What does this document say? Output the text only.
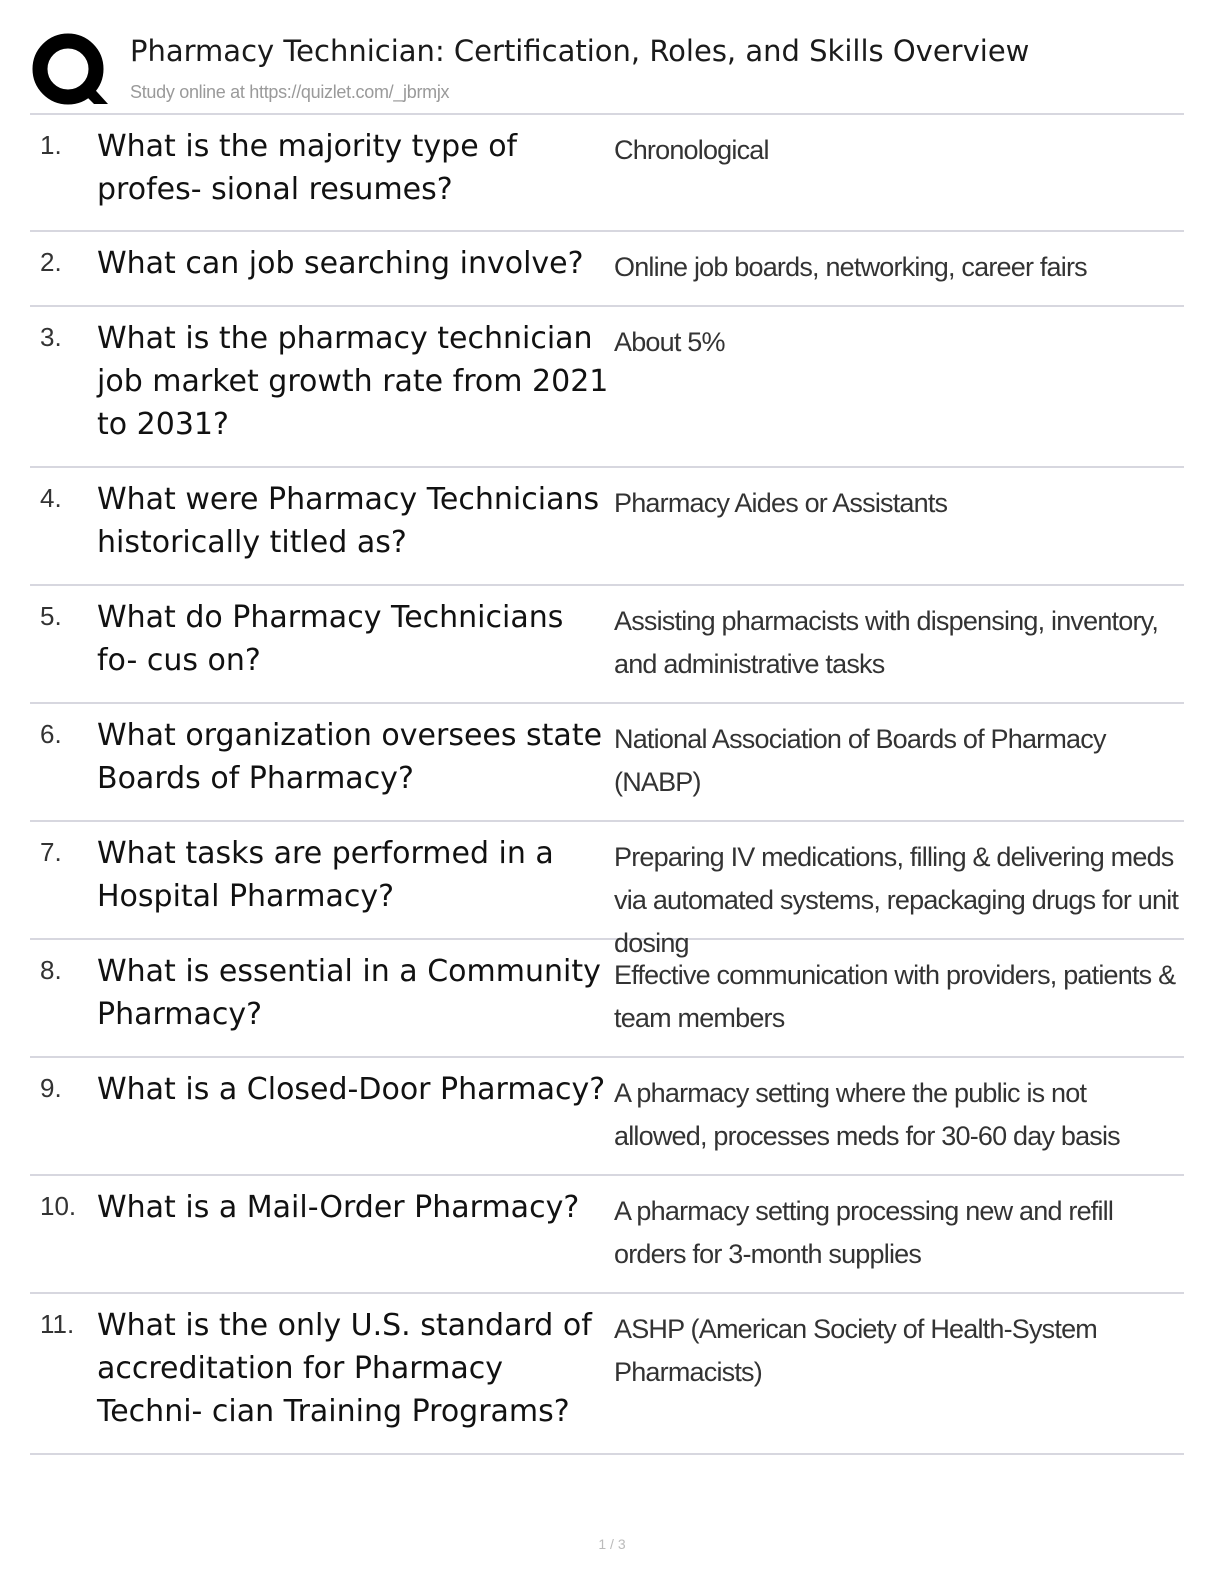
Pharmacy Technician: Certification, Roles, and Skills Overview
Study online at https://quizlet.com/_jbrmjx
1. What is the majority type of profes- sional resumes?
Chronological
2. What can job searching involve?	Online job boards, networking, career fairs
3. What is the pharmacy technician job market growth rate from 2021 to 2031?
About 5%
4. What were Pharmacy Technicians historically titled as?
Pharmacy Aides or Assistants
5. What do Pharmacy Technicians fo- cus on?
Assisting pharmacists with dispensing, inventory, and administrative tasks
6. What organization oversees state Boards of Pharmacy?
National Association of Boards of Pharmacy (NABP)
7. What tasks are performed in a Hospital Pharmacy?
Preparing IV medications, filling & delivering meds via automated systems, repackaging drugs for unit dosing
8. What is essential in a Community Pharmacy?
Effective communication with providers, patients & team members
9. What is a Closed-Door Pharmacy? A pharmacy setting where the public is not allowed, processes meds for 30-60 day basis
10. What is a Mail-Order Pharmacy?	A pharmacy setting processing new and refill orders for 3-month supplies
11. What is the only U.S. standard of accreditation for Pharmacy Techni- cian Training Programs?
ASHP (American Society of Health-System Pharmacists)
1 / 3
